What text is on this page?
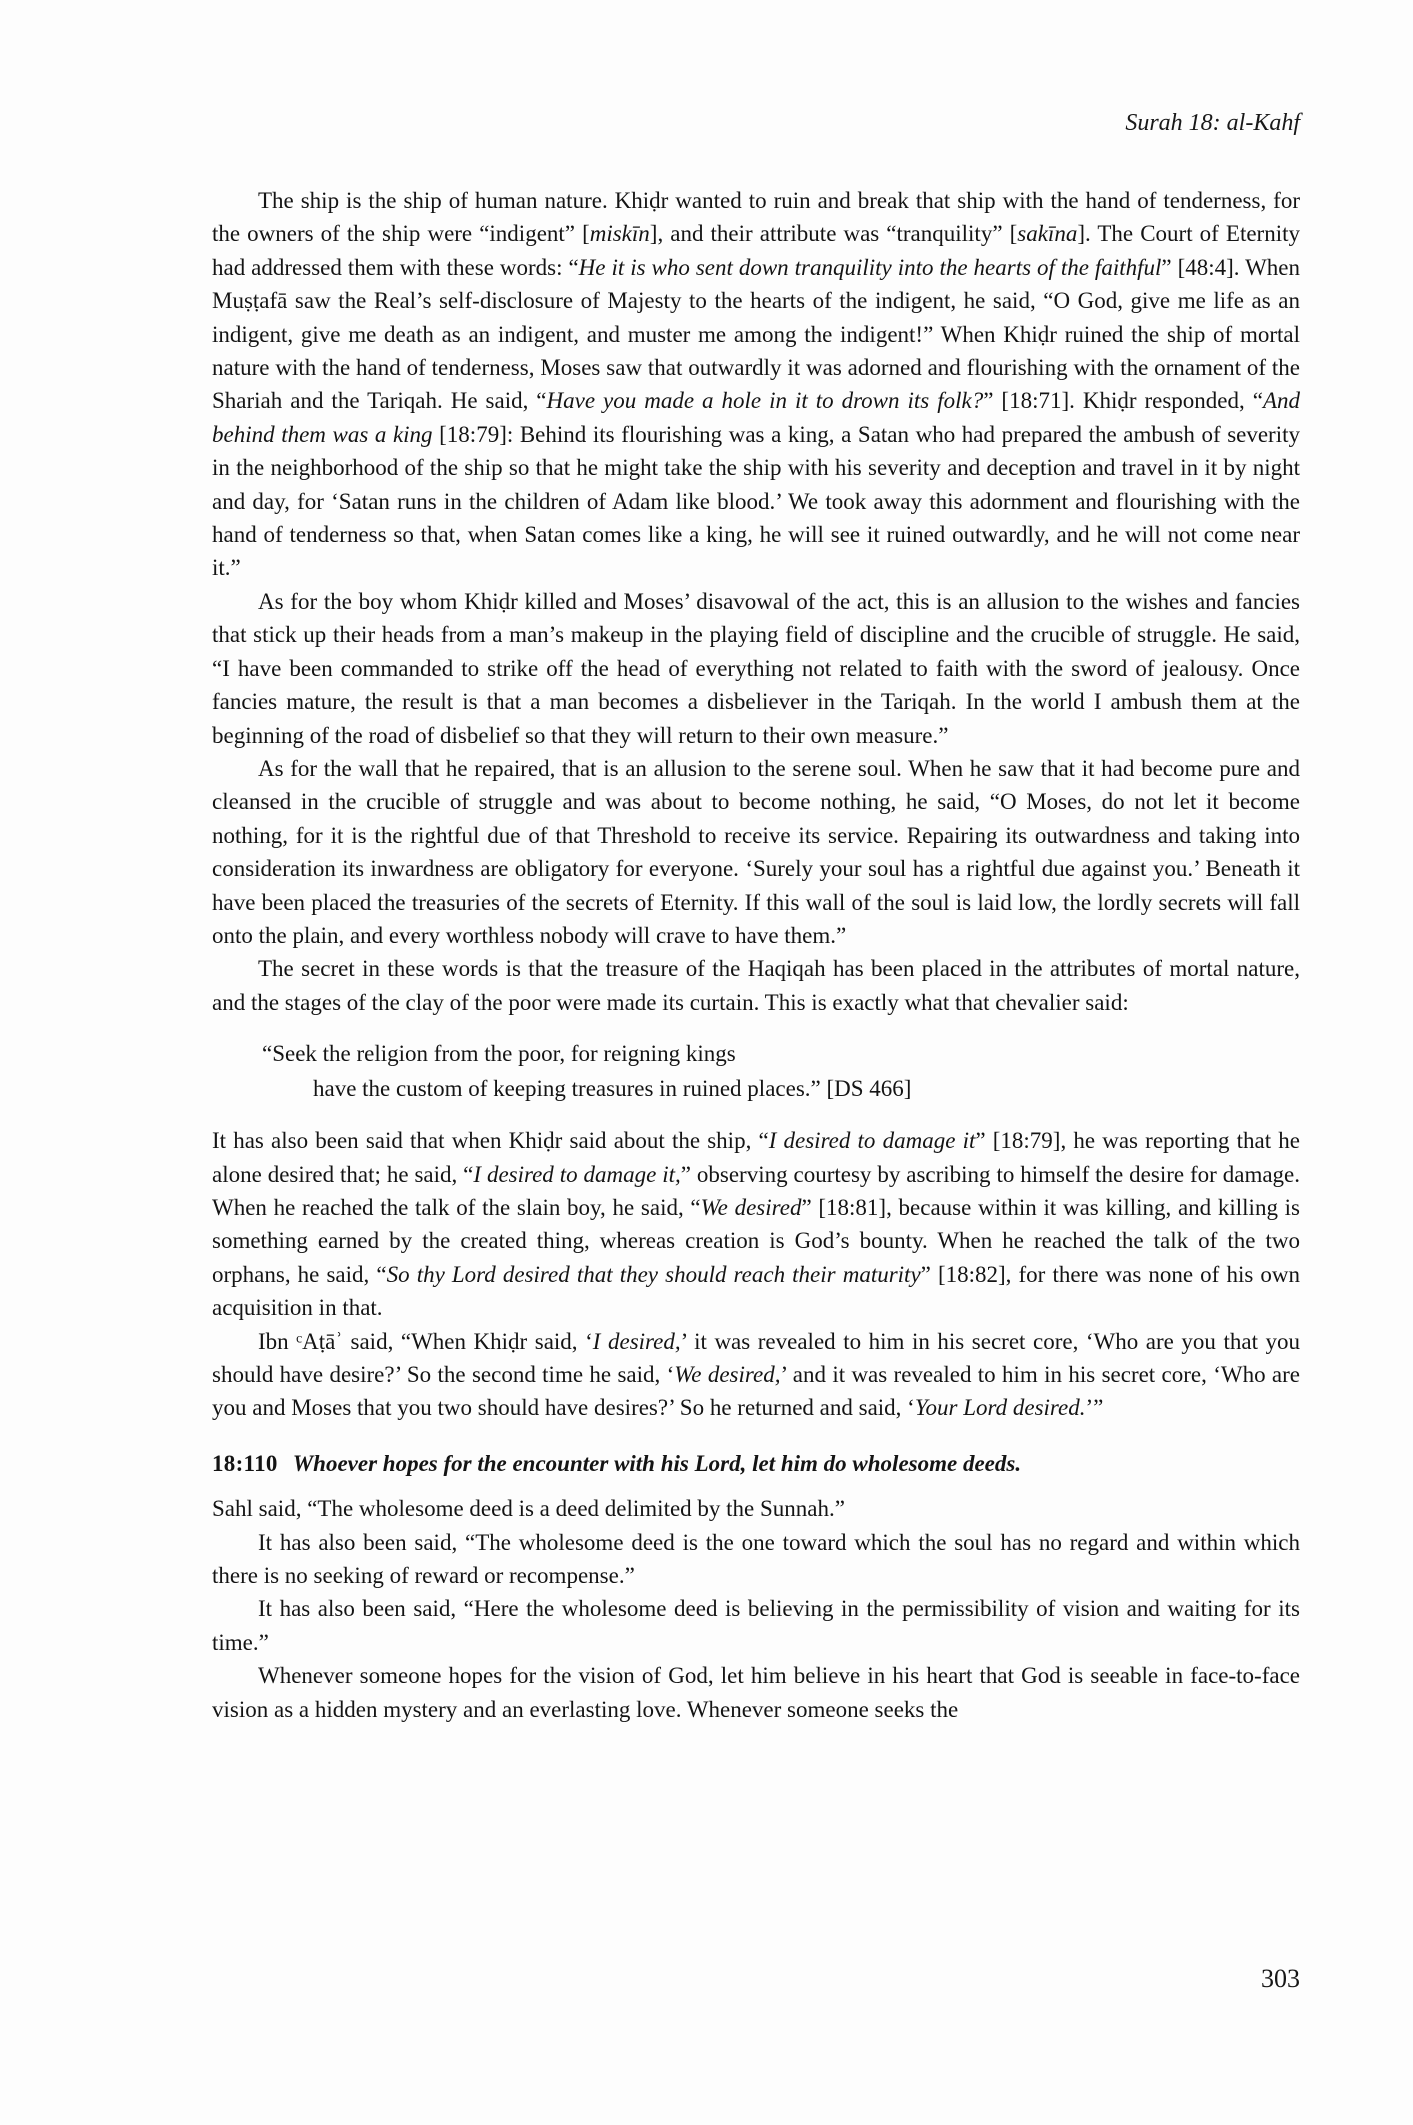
Surah 18: al-Kahf

The ship is the ship of human nature. Khiḍr wanted to ruin and break that ship with the hand of tenderness, for the owners of the ship were “indigent” [miskīn], and their attribute was “tranquility” [sakīna]. The Court of Eternity had addressed them with these words: “He it is who sent down tranquility into the hearts of the faithful” [48:4]. When Muṣṭafā saw the Real’s self-disclosure of Majesty to the hearts of the indigent, he said, “O God, give me life as an indigent, give me death as an indigent, and muster me among the indigent!” When Khiḍr ruined the ship of mortal nature with the hand of tenderness, Moses saw that outwardly it was adorned and flourishing with the ornament of the Shariah and the Tariqah. He said, “Have you made a hole in it to drown its folk?” [18:71]. Khiḍr responded, “And behind them was a king [18:79]: Behind its flourishing was a king, a Satan who had prepared the ambush of severity in the neighborhood of the ship so that he might take the ship with his severity and deception and travel in it by night and day, for ‘Satan runs in the children of Adam like blood.’ We took away this adornment and flourishing with the hand of tenderness so that, when Satan comes like a king, he will see it ruined outwardly, and he will not come near it.”

As for the boy whom Khiḍr killed and Moses’ disavowal of the act, this is an allusion to the wishes and fancies that stick up their heads from a man’s makeup in the playing field of discipline and the crucible of struggle. He said, “I have been commanded to strike off the head of everything not related to faith with the sword of jealousy. Once fancies mature, the result is that a man becomes a disbeliever in the Tariqah. In the world I ambush them at the beginning of the road of disbelief so that they will return to their own measure.”

As for the wall that he repaired, that is an allusion to the serene soul. When he saw that it had become pure and cleansed in the crucible of struggle and was about to become nothing, he said, “O Moses, do not let it become nothing, for it is the rightful due of that Threshold to receive its service. Repairing its outwardness and taking into consideration its inwardness are obligatory for everyone. ‘Surely your soul has a rightful due against you.’ Beneath it have been placed the treasuries of the secrets of Eternity. If this wall of the soul is laid low, the lordly secrets will fall onto the plain, and every worthless nobody will crave to have them.”

The secret in these words is that the treasure of the Haqiqah has been placed in the attributes of mortal nature, and the stages of the clay of the poor were made its curtain. This is exactly what that chevalier said:

“Seek the religion from the poor, for reigning kings
have the custom of keeping treasures in ruined places.” [DS 466]

It has also been said that when Khiḍr said about the ship, “I desired to damage it” [18:79], he was reporting that he alone desired that; he said, “I desired to damage it,” observing courtesy by ascribing to himself the desire for damage. When he reached the talk of the slain boy, he said, “We desired” [18:81], because within it was killing, and killing is something earned by the created thing, whereas creation is God’s bounty. When he reached the talk of the two orphans, he said, “So thy Lord desired that they should reach their maturity” [18:82], for there was none of his own acquisition in that.

Ibn ᶜAṭāʾ said, “When Khiḍr said, ‘I desired,’ it was revealed to him in his secret core, ‘Who are you that you should have desire?’ So the second time he said, ‘We desired,’ and it was revealed to him in his secret core, ‘Who are you and Moses that you two should have desires?’ So he returned and said, ‘Your Lord desired.’”

18:110 Whoever hopes for the encounter with his Lord, let him do wholesome deeds.

Sahl said, “The wholesome deed is a deed delimited by the Sunnah.”

It has also been said, “The wholesome deed is the one toward which the soul has no regard and within which there is no seeking of reward or recompense.”

It has also been said, “Here the wholesome deed is believing in the permissibility of vision and waiting for its time.”

Whenever someone hopes for the vision of God, let him believe in his heart that God is seeable in face-to-face vision as a hidden mystery and an everlasting love. Whenever someone seeks the

303
